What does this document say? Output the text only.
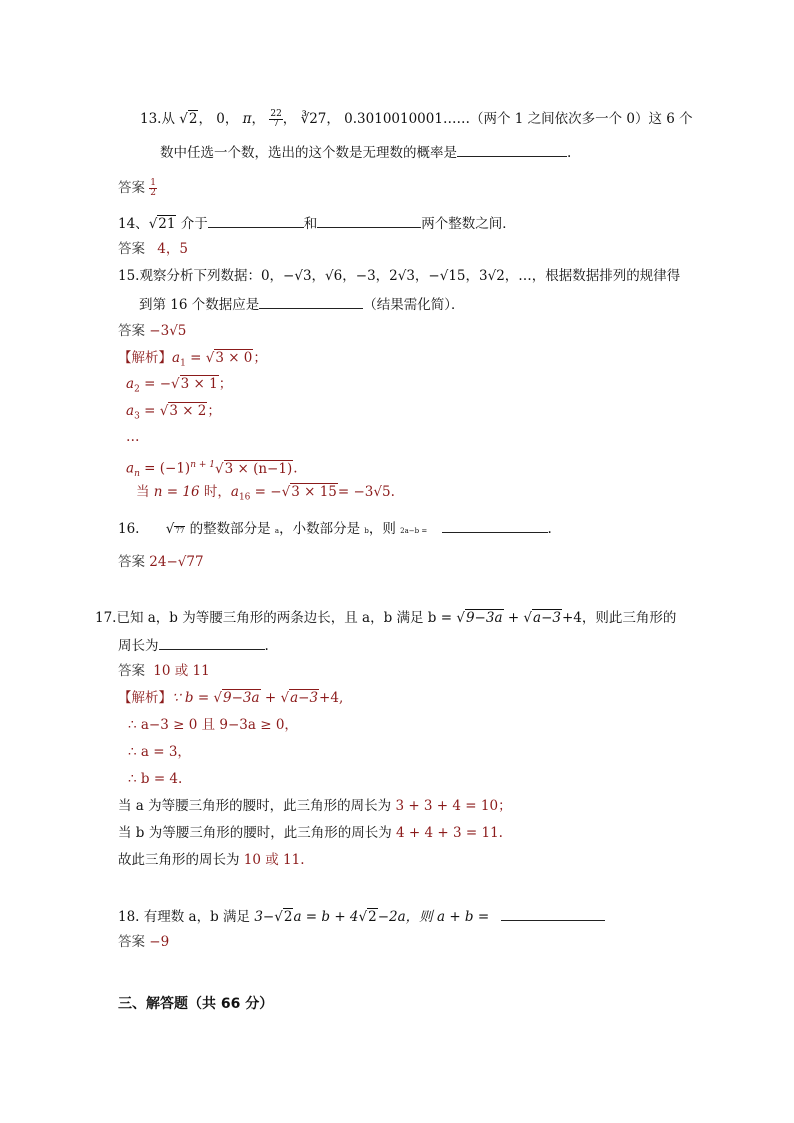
13.从 √2， 0， π， $\frac{22}{7}$ ， ∛27， 0.3010010001……（两个 1 之间依次多一个 0）这 6 个
数中任选一个数，选出的这个数是无理数的概率是	.
答案 $\frac{1}{2}$
14、√21 介于	和	两个整数之间．
答案 4，5
15.观察分析下列数据：0，−√3，√6，−3，2√3，−√15，3√2，…，根据数据排列的规律得
到第 16 个数据应是	（结果需化简）．
答案 −3√5
【解析】$a_1 = √3 \times 0$；
$a_2 = -√3 \times 1$；
$a_3 = √3 \times 2$；
…
$a_n = (-1)^{n + 1}√3 \times (n-1)$.
当 n = 16 时，$a_{16} = -√3 \times 15= -3√5$.
16. √77 的整数部分是 a，小数部分是 b，则 2a−b =	.
答案 24−√77
17.已知 a，b 为等腰三角形的两条边长，且 a，b 满足 b = √9−3a + √a−3+4，则此三角形的
周长为	.
答案 10 或 11
【解析】∵ b = √9−3a + √a−3+4,
∴ a−3 ≥ 0 且 9−3a ≥ 0，
∴ a = 3，
∴ b = 4.
当 a 为等腰三角形的腰时，此三角形的周长为 3 + 3 + 4 = 10；
当 b 为等腰三角形的腰时，此三角形的周长为 4 + 4 + 3 = 11.
故此三角形的周长为 10 或 11.
18. 有理数 a，b 满足 3−√2a = b + 4√2−2a，则 a + b =
答案 −9
三、解答题（共 66 分）
